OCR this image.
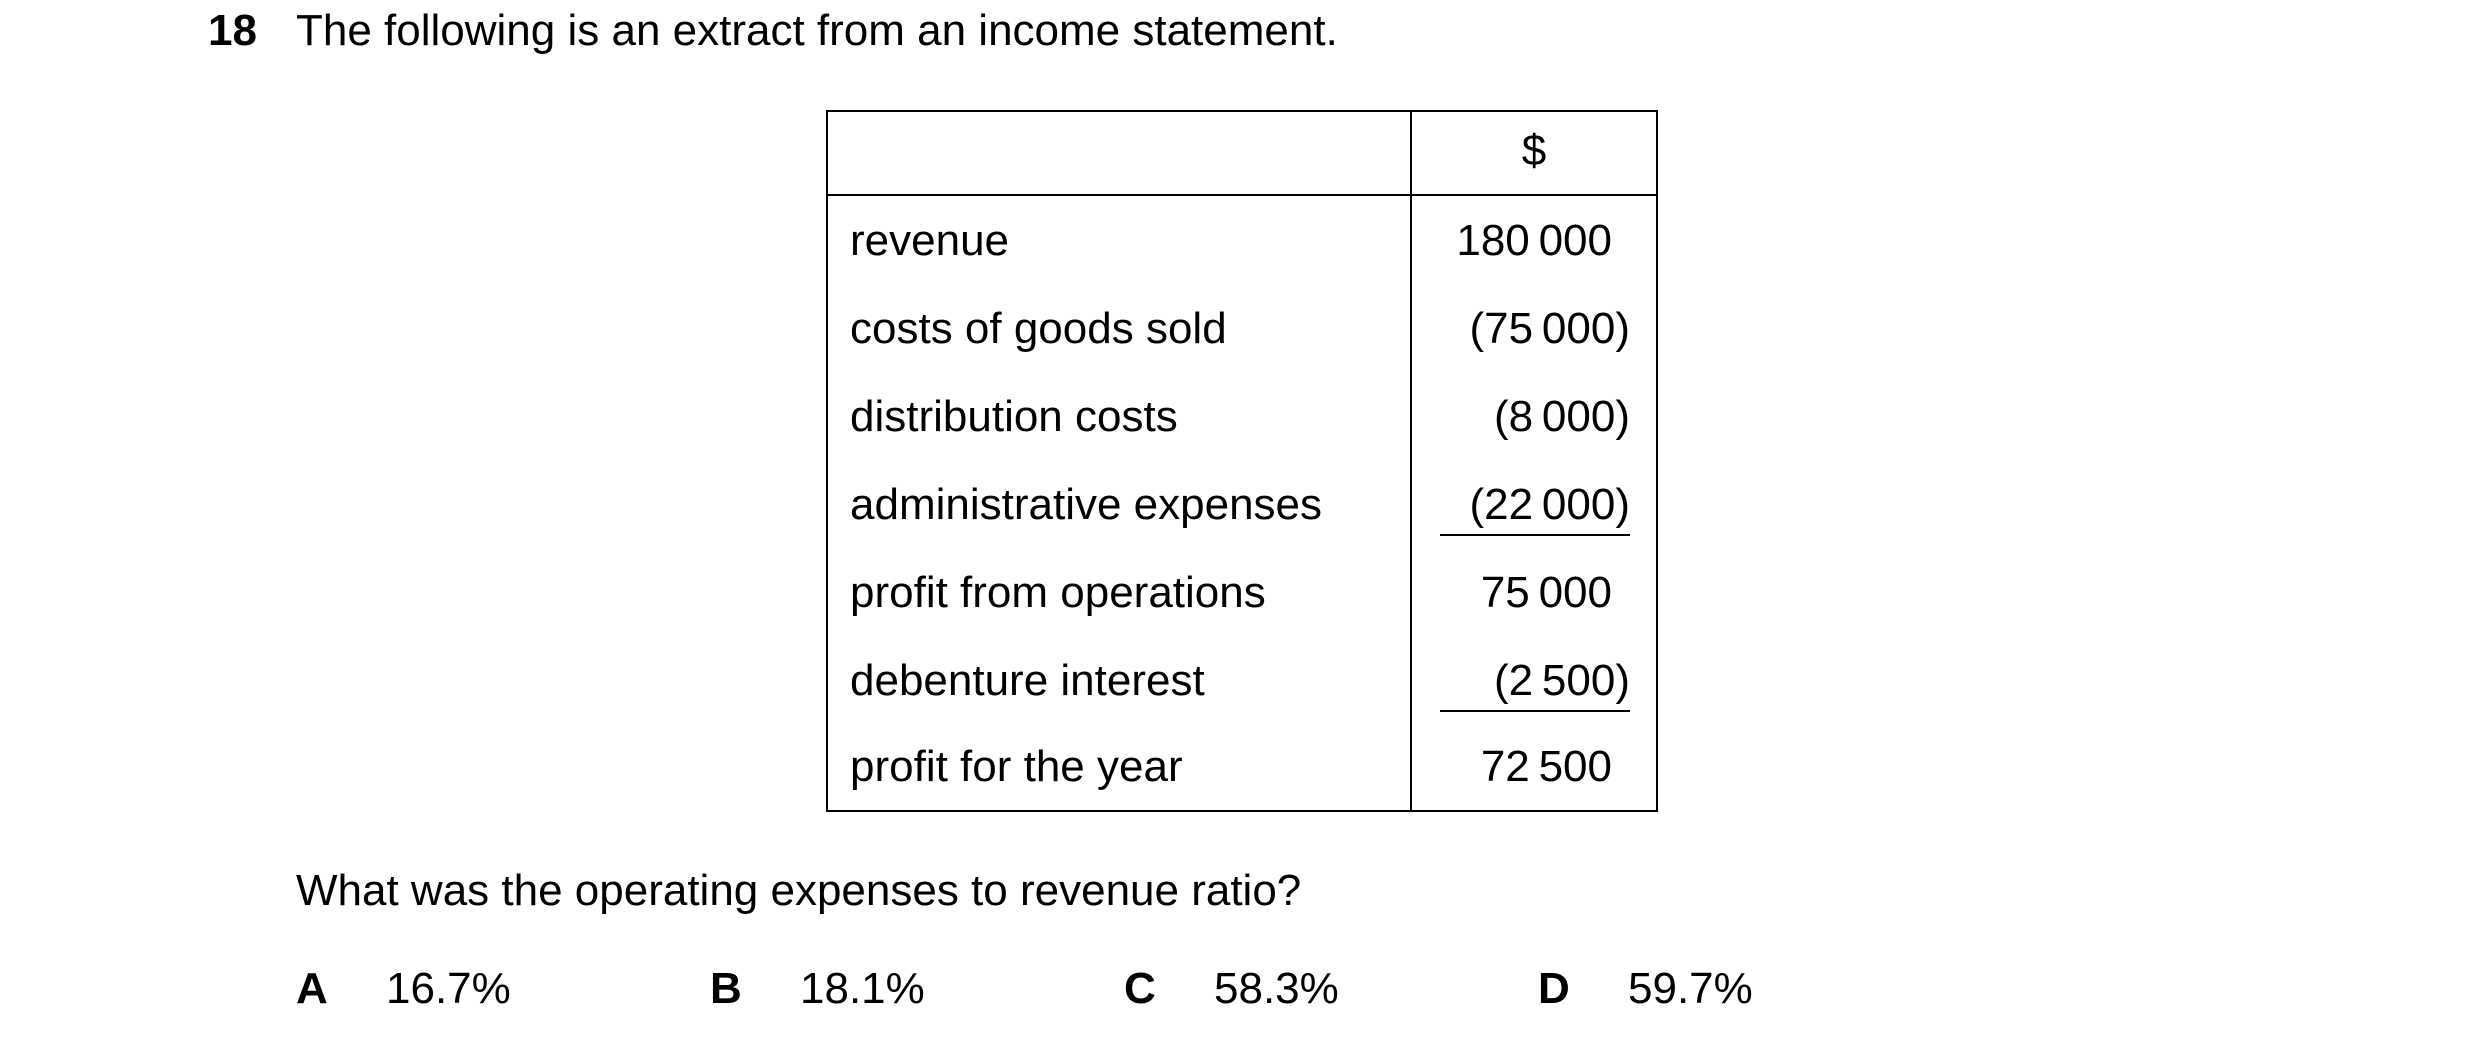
18 The following is an extract from an income statement.
$
revenue	180 000
costs of goods sold	(75 000)
distribution costs	(8 000)
administrative expenses	(22 000)
profit from operations	75 000
debenture interest	(2 500)
profit for the year	72 500
What was the operating expenses to revenue ratio?
A 16.7%	B 18.1%	C 58.3%	D 59.7%
